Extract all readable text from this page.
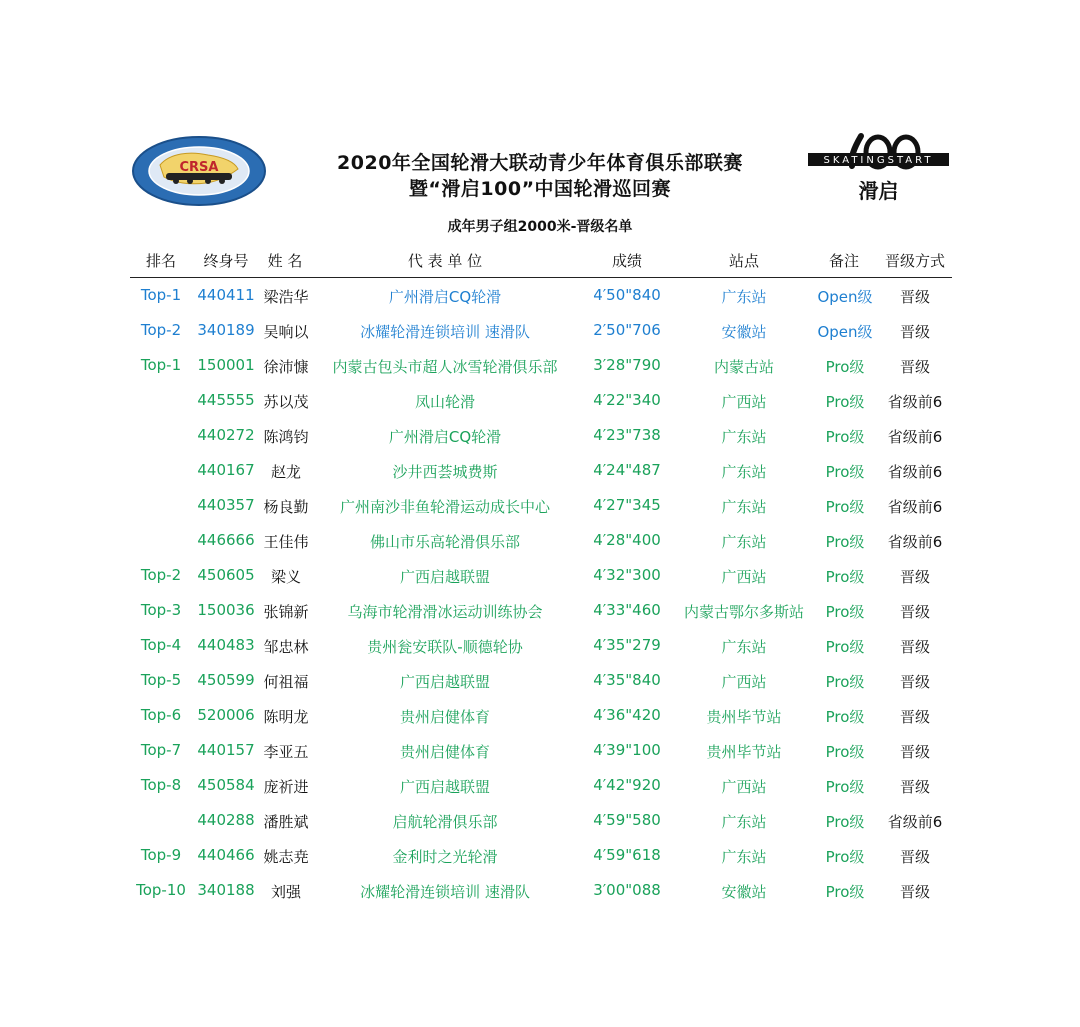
CRSA	2020年全国轮滑大联动青少年体育俱乐部联赛
暨“滑启100”中国轮滑巡回赛
SKATINGSTART
滑启
成年男子组2000米-晋级名单
排名 终身号 姓 名	代 表 单 位	成绩	站点	备注 晋级方式
Top-1 440411 梁浩华	广州滑启CQ轮滑	4′50"840	广东站	Open级 晋级
Top-2 340189 吴响以	冰耀轮滑连锁培训 速滑队	2′50"706	安徽站	Open级 晋级
Top-1 150001 徐沛慷 内蒙古包头市超人冰雪轮滑俱乐部 3′28"790	内蒙古站	Pro级 晋级
445555 苏以茂	凤山轮滑	4′22"340	广西站	Pro级 省级前6
440272 陈鸿钧	广州滑启CQ轮滑	4′23"738	广东站	Pro级 省级前6
440167 赵龙	沙井西荟城费斯	4′24"487	广东站	Pro级 省级前6
440357 杨良勤 广州南沙非鱼轮滑运动成长中心	4′27"345	广东站	Pro级 省级前6
446666 王佳伟	佛山市乐高轮滑俱乐部	4′28"400	广东站	Pro级 省级前6
Top-2 450605 梁义	广西启越联盟	4′32"300	广西站	Pro级 晋级
Top-3 150036 张锦新	乌海市轮滑滑冰运动训练协会	4′33"460 内蒙古鄂尔多斯站 Pro级 晋级
Top-4 440483 邹忠林	贵州瓮安联队-顺德轮协	4′35"279	广东站	Pro级 晋级
Top-5 450599 何祖福	广西启越联盟	4′35"840	广西站	Pro级 晋级
Top-6 520006 陈明龙	贵州启健体育	4′36"420	贵州毕节站	Pro级 晋级
Top-7 440157 李亚五	贵州启健体育	4′39"100	贵州毕节站	Pro级 晋级
Top-8 450584 庞祈进	广西启越联盟	4′42"920	广西站	Pro级 晋级
440288 潘胜斌	启航轮滑俱乐部	4′59"580	广东站	Pro级 省级前6
Top-9 440466 姚志尭	金利时之光轮滑	4′59"618	广东站	Pro级 晋级
Top-10 340188 刘强	冰耀轮滑连锁培训 速滑队	3′00"088	安徽站	Pro级 晋级
